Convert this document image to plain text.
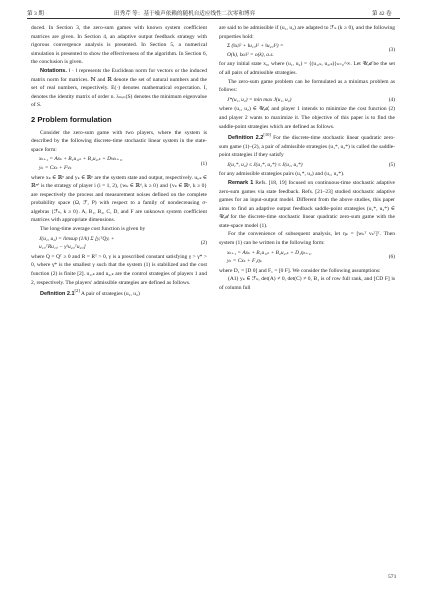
第 3 期	田秀芹 等：基于噪声依赖的随机自适应线性二次零和博弈	第 42 卷

duced. In Section 3, the zero-sum games with known system coefficient matrices are given. In Section 4, an adaptive output feedback strategy with rigorous convergence analysis is presented. In Section 5, a numerical simulation is presented to show the effectiveness of the algorithm. In Section 6, the conclusion is given.

Notations. ‖ · ‖ represents the Euclidean norm for vectors or the induced matrix norm for matrices. ℕ and ℝ denote the set of natural numbers and the set of real numbers, respectively. E(·) denotes mathematical expectation. I, denotes the identity matrix of order n. λₘᵢₙ(S) denotes the minimum eigenvalue of S.

2 Problem formulation

Consider the zero-sum game with two players, where the system is described by the following discrete-time stochastic linear system in the state-space form:

xₖ₊₁ = Axₖ + B₁u₁,ₖ + B₂u₂,ₖ + Dwₖ₊₁,
yₖ = Cxₖ + Fvₖ
(1)

where xₖ ∈ ℝⁿ and yₖ ∈ ℝᵖ are the system state and output, respectively. uᵢ,ₖ ∈ ℝᵐⁱ is the strategy of player i (i = 1, 2), {wₖ ∈ ℝᵈ, k ≥ 0} and {vₖ ∈ ℝᵖ, k ≥ 0} are respectively the process and measurement noises defined on the complete probability space (Ω, ℱ, P) with respect to a family of nondecreasing σ-algebras {ℱₖ, k ≥ 0}. A, B₁, B₂, C, D, and F are unknown system coefficient matrices with appropriate dimensions.

The long-time average cost function is given by

J(u₁, u₂) = limsup (1/k) Σ [yᵢᵀQyᵢ +
u₁,ᵢᵀRu₁,ᵢ − γ²u₂,ᵢᵀu₂,ᵢ]
(2)

where Q = Qᵀ ≥ 0 and R = Rᵀ > 0, γ is a prescribed constant satisfying γ > γ* > 0, where γ* is the smallest γ such that the system (1) is stabilized and the cost function (2) is finite [2]. u₁,ₖ and u₂,ₖ are the control strategies of players 1 and 2, respectively. The players' admissible strategies are defined as follows.

Definition 2.1[2] A pair of strategies (u₁, u₂)

are said to be admissible if (u₁, u₂) are adapted to ℱₖ (k ≥ 0), and the following properties hold:

Σ (‖xᵢ‖² + ‖u₁,ᵢ‖² + ‖u₂,ᵢ‖²) =
O(k), ‖xₖ‖² = o(k), a.s.
(3)

for any initial state x₀, where (u₁, u₂) = {(u₁,ₖ, u₂,ₖ)}ₖ₌₀^∞. Let 𝒰ₐ𝒹 be the set of all pairs of admissible strategies.

The zero-sum game problem can be formulated as a minimax problem as follows:

J*(u₁, u₂) = min max J(u₁, u₂)	(4)

where (u₁, u₂) ∈ 𝒰ₐ𝒹, and player 1 intends to minimize the cost function (2) and player 2 wants to maximize it. The objective of this paper is to find the saddle-point strategies which are defined as follows.

Definition 2.2[10] For the discrete-time stochastic linear quadratic zero-sum game (1)–(2), a pair of admissible strategies (u₁*, u₂*) is called the saddle-point strategies if they satisfy

J(u₁*, u₂) ≤ J(u₁*, u₂*) ≤ J(u₁, u₂*)	(5)

for any admissible strategies pairs (u₁*, u₂) and (u₁, u₂*).

Remark 1 Refs. [18, 19] focused on continuous-time stochastic adaptive zero-sum games via state feedback. Refs. [21–23] studied stochastic adaptive games for an input-output model. Different from the above studies, this paper aims to find an adaptive output feedback saddle-point strategies (u₁*, u₂*) ∈ 𝒰ₐ𝒹 for the discrete-time stochastic linear quadratic zero-sum game with the state-space model (1).

For the convenience of subsequent analysis, let ηₖ = [wₖᵀ vₖᵀ]ᵀ. Then system (1) can be written in the following form:

xₖ₊₁ = Axₖ + B₁u₁,ₖ + B₂u₂,ₖ + D₁ηₖ₊₁,
yₖ = Cxₖ + F₁ηₖ
(6)

where D₁ = [D 0] and F₁ = [0 F]. We consider the following assumptions:

(A1) yₖ ∈ ℱₖ, det(A) ≠ 0, det(C) ≠ 0, B₁ is of row full rank, and [CD F] is of column full

571
